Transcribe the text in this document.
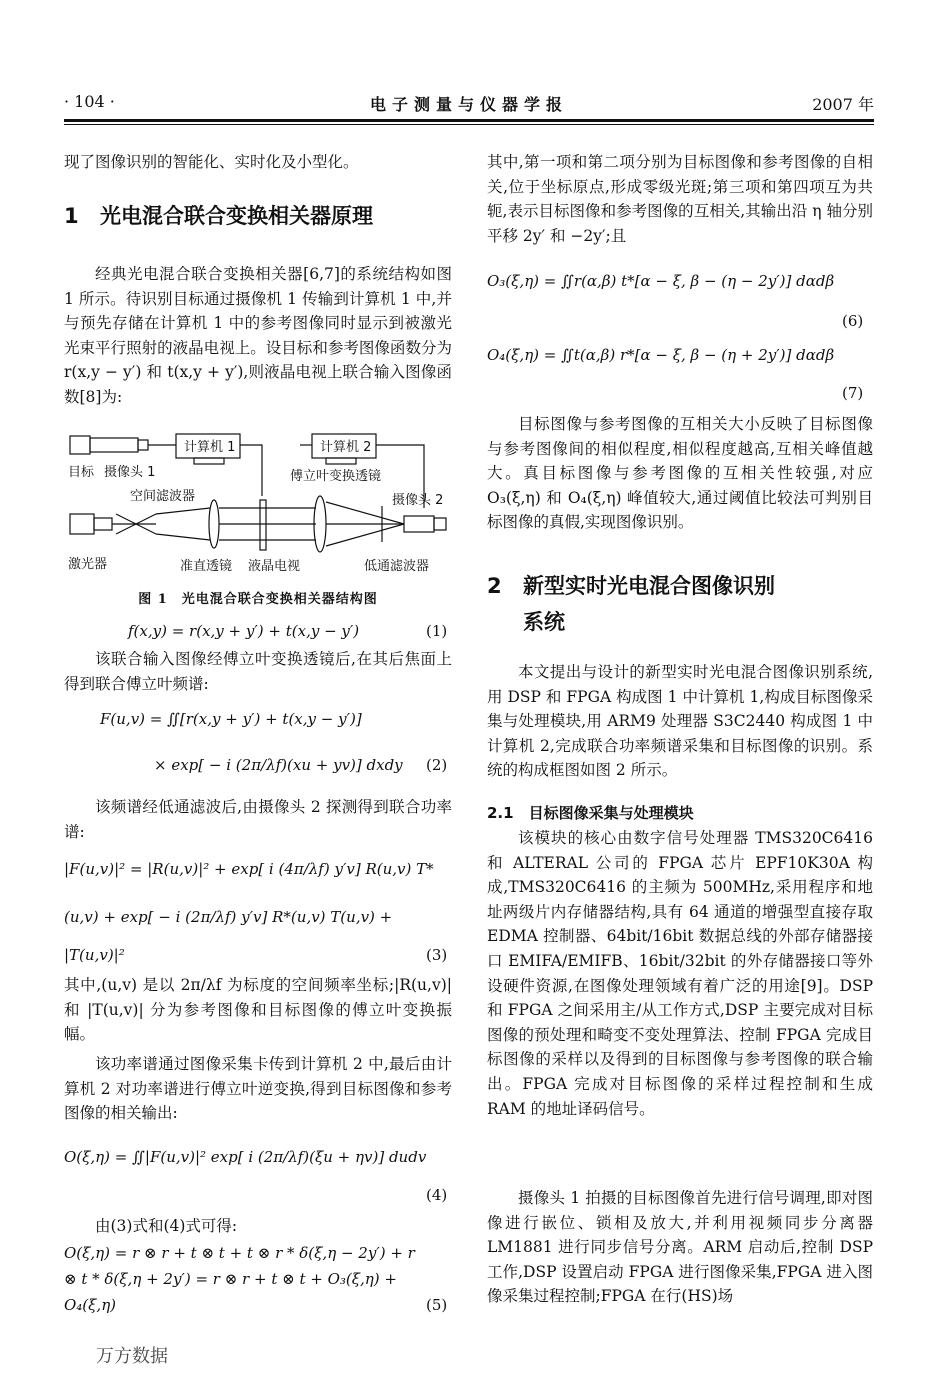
· 104 ·	电子测量与仪器学报	2007 年

现了图像识别的智能化、实时化及小型化。

1 光电混合联合变换相关器原理

经典光电混合联合变换相关器[6,7]的系统结构如图 1 所示。待识别目标通过摄像机 1 传输到计算机 1 中,并与预先存储在计算机 1 中的参考图像同时显示到被激光光束平行照射的液晶电视上。设目标和参考图像函数分为 r(x,y − y′) 和 t(x,y + y′),则液晶电视上联合输入图像函数[8]为:

计算机 1	计算机 2
目标 摄像头 1
空间滤波器
傅立叶变换透镜
摄像头 2
激光器	准直透镜 液晶电视	低通滤波器
图 1　光电混合联合变换相关器结构图
f(x,y) = r(x,y + y′) + t(x,y − y′)	(1)

该联合输入图像经傅立叶变换透镜后,在其后焦面上得到联合傅立叶频谱:

F(u,v) = ∬[r(x,y + y′) + t(x,y − y′)]
× exp[ − i (2π/λf)(xu + yv)] dxdy (2)

该频谱经低通滤波后,由摄像头 2 探测得到联合功率谱:

|F(u,v)|² = |R(u,v)|² + exp[ i (4π/λf) y′v] R(u,v) T*
(u,v) + exp[ − i (2π/λf) y′v] R*(u,v) T(u,v) +
|T(u,v)|²	(3)

其中,(u,v) 是以 2π/λf 为标度的空间频率坐标;|R(u,v)| 和 |T(u,v)| 分为参考图像和目标图像的傅立叶变换振幅。

该功率谱通过图像采集卡传到计算机 2 中,最后由计算机 2 对功率谱进行傅立叶逆变换,得到目标图像和参考图像的相关输出:

O(ξ,η) = ∬|F(u,v)|² exp[ i (2π/λf)(ξu + ηv)] dudv
(4)

由(3)式和(4)式可得:

O(ξ,η) = r ⊗ r + t ⊗ t + t ⊗ r * δ(ξ,η − 2y′) + r
⊗ t * δ(ξ,η + 2y′) = r ⊗ r + t ⊗ t + O₃(ξ,η) +
O₄(ξ,η)	(5)

其中,第一项和第二项分别为目标图像和参考图像的自相关,位于坐标原点,形成零级光斑;第三项和第四项互为共轭,表示目标图像和参考图像的互相关,其输出沿 η 轴分别平移 2y′ 和 −2y′;且

O₃(ξ,η) = ∬r(α,β) t*[α − ξ, β − (η − 2y′)] dαdβ
(6)
O₄(ξ,η) = ∬t(α,β) r*[α − ξ, β − (η + 2y′)] dαdβ
(7)

目标图像与参考图像的互相关大小反映了目标图像与参考图像间的相似程度,相似程度越高,互相关峰值越大。真目标图像与参考图像的互相关性较强,对应 O₃(ξ,η) 和 O₄(ξ,η) 峰值较大,通过阈值比较法可判别目标图像的真假,实现图像识别。

2 新型实时光电混合图像识别
系统

本文提出与设计的新型实时光电混合图像识别系统,用 DSP 和 FPGA 构成图 1 中计算机 1,构成目标图像采集与处理模块,用 ARM9 处理器 S3C2440 构成图 1 中计算机 2,完成联合功率频谱采集和目标图像的识别。系统的构成框图如图 2 所示。

2.1　目标图像采集与处理模块

该模块的核心由数字信号处理器 TMS320C6416 和 ALTERAL 公司的 FPGA 芯片 EPF10K30A 构成,TMS320C6416 的主频为 500MHz,采用程序和地址两级片内存储器结构,具有 64 通道的增强型直接存取 EDMA 控制器、64bit/16bit 数据总线的外部存储器接口 EMIFA/EMIFB、16bit/32bit 的外存储器接口等外设硬件资源,在图像处理领域有着广泛的用途[9]。DSP 和 FPGA 之间采用主/从工作方式,DSP 主要完成对目标图像的预处理和畸变不变处理算法、控制 FPGA 完成目标图像的采样以及得到的目标图像与参考图像的联合输出。FPGA 完成对目标图像的采样过程控制和生成 RAM 的地址译码信号。

摄像头 1 拍摄的目标图像首先进行信号调理,即对图像进行嵌位、锁相及放大,并利用视频同步分离器 LM1881 进行同步信号分离。ARM 启动后,控制 DSP 工作,DSP 设置启动 FPGA 进行图像采集,FPGA 进入图像采集过程控制;FPGA 在行(HS)场

万方数据
